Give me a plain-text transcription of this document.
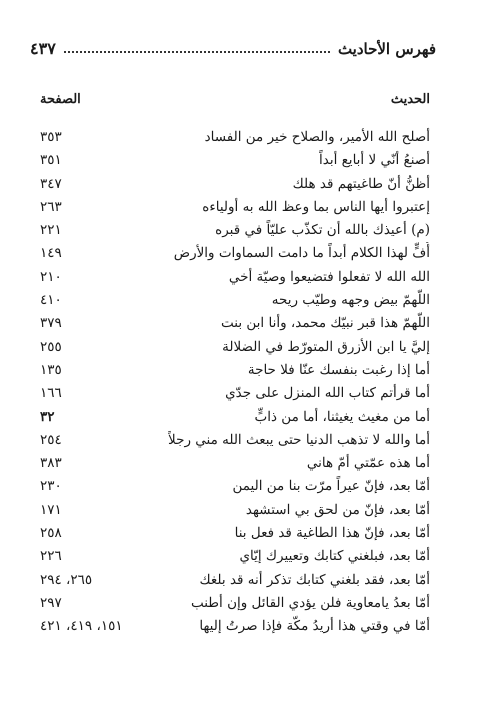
فهرس الأحاديث
٤٣٧
الحديث
الصفحة
أصلح الله الأمير، والصلاح خير من الفساد
٣٥٣
أصنعُ أنّي لا أبايع أبداً
٣٥١
أظنُّ أنّ طاغيتهم قد هلك
٣٤٧
إعتبروا أيها الناس بما وعظ الله به أولياءه
٢٦٣
(م) أعيذك بالله أن تكذّب عليّاً في قبره
٢٢١
أُفٍّ لهذا الكلام أبداً ما دامت السماوات والأرض
١٤٩
الله الله لا تفعلوا فتضيعوا وصيّة أخي
٢١٠
اللّهمّ بيض وجهه وطيّب ريحه
٤١٠
اللّهمّ هذا قبر نبيّك محمد، وأنا ابن بنت
٣٧٩
إليَّ يا ابن الأزرق المتورّط في الضلالة
٢٥٥
أما إذا رغبت بنفسك عنّا فلا حاجة
١٣٥
أما قرأتم كتاب الله المنزل على جدّي
١٦٦
أما من مغيث يغيثنا، أما من ذابٍّ
٣٢
أما والله لا تذهب الدنيا حتى يبعث الله مني رجلاً
٢٥٤
أما هذه عمّتي أمّ هاني
٣٨٣
أمّا بعد، فإنّ عيراً مرّت بنا من اليمن
٢٣٠
أمّا بعد، فإنّ من لحق بي استشهد
١٧١
أمّا بعد، فإنّ هذا الطاغية قد فعل بنا
٢٥٨
أمّا بعد، فبلغني كتابك وتعييرك إيّاي
٢٢٦
أمّا بعد، فقد بلغني كتابك تذكر أنه قد بلغك
٢٦٥، ٢٩٤
أمّا بعدُ يامعاوية فلن يؤدي القائل وإن أطنب
٢٩٧
أمّا في وقتي هذا أريدُ مكّة فإذا صرتُ إليها
١٥١، ٤١٩، ٤٢١
